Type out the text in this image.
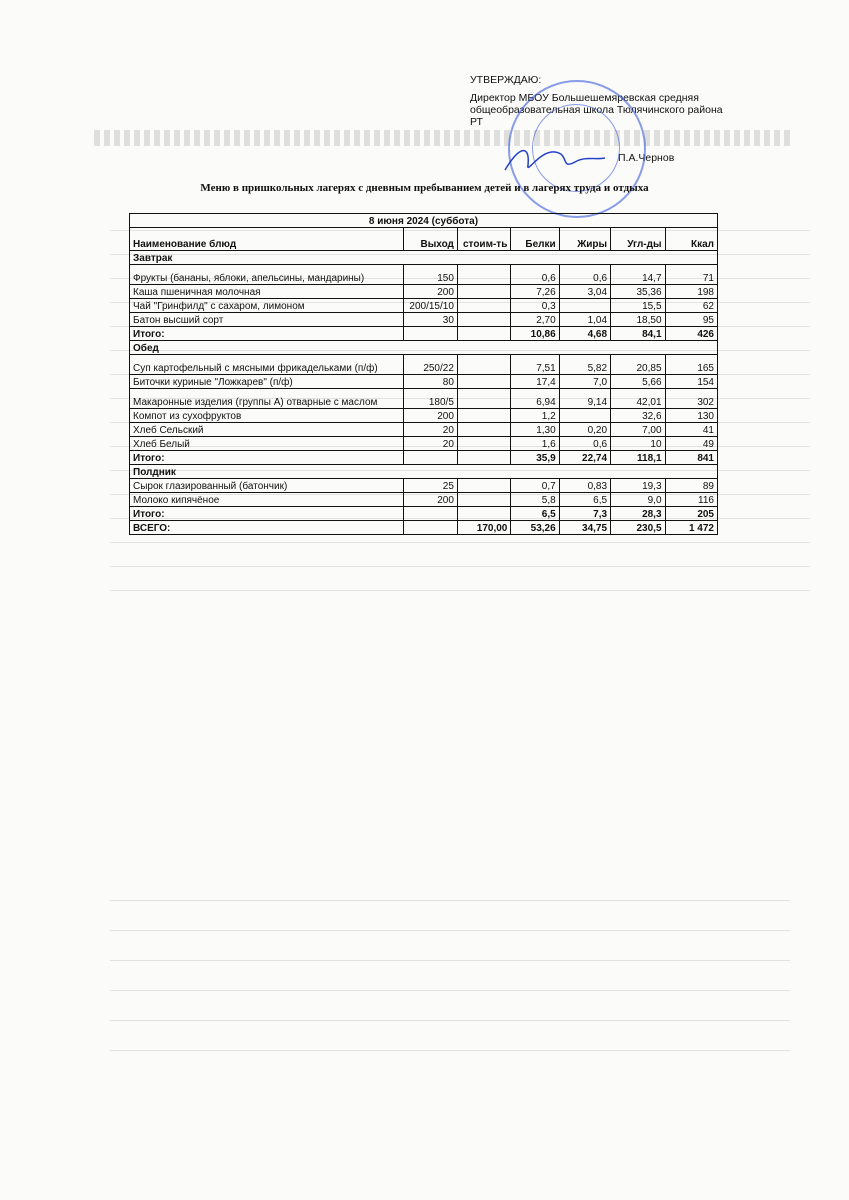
УТВЕРЖДАЮ:
Директор МБОУ Большешемяревская средняя
общеобразовательная школа Тюлячинского района
РТ
П.А.Чернов
Меню в пришкольных лагерях с дневным пребыванием детей и в лагерях труда и отдыха
8 июня 2024 (суббота)						
Наименование блюд	Выход	стоим-ть	Белки	Жиры	Угл-ды	Ккал
Завтрак						
Фрукты (бананы, яблоки, апельсины, мандарины)	150		0,6	0,6	14,7	71
Каша пшеничная молочная	200		7,26	3,04	35,36	198
Чай "Гринфилд" с сахаром, лимоном	200/15/10		0,3		15,5	62
Батон высший сорт	30		2,70	1,04	18,50	95
Итого:			10,86	4,68	84,1	426
Обед						
Суп картофельный с мясными фрикадельками (п/ф)	250/22		7,51	5,82	20,85	165
Биточки куриные "Ложкарев" (п/ф)	80		17,4	7,0	5,66	154
Макаронные изделия (группы А) отварные с маслом	180/5		6,94	9,14	42,01	302
Компот из сухофруктов	200		1,2		32,6	130
Хлеб Сельский	20		1,30	0,20	7,00	41
Хлеб Белый	20		1,6	0,6	10	49
Итого:			35,9	22,74	118,1	841
Полдник						
Сырок глазированный (батончик)	25		0,7	0,83	19,3	89
Молоко кипячёное	200		5,8	6,5	9,0	116
Итого:			6,5	7,3	28,3	205
ВСЕГО:		170,00	53,26	34,75	230,5	1 472
